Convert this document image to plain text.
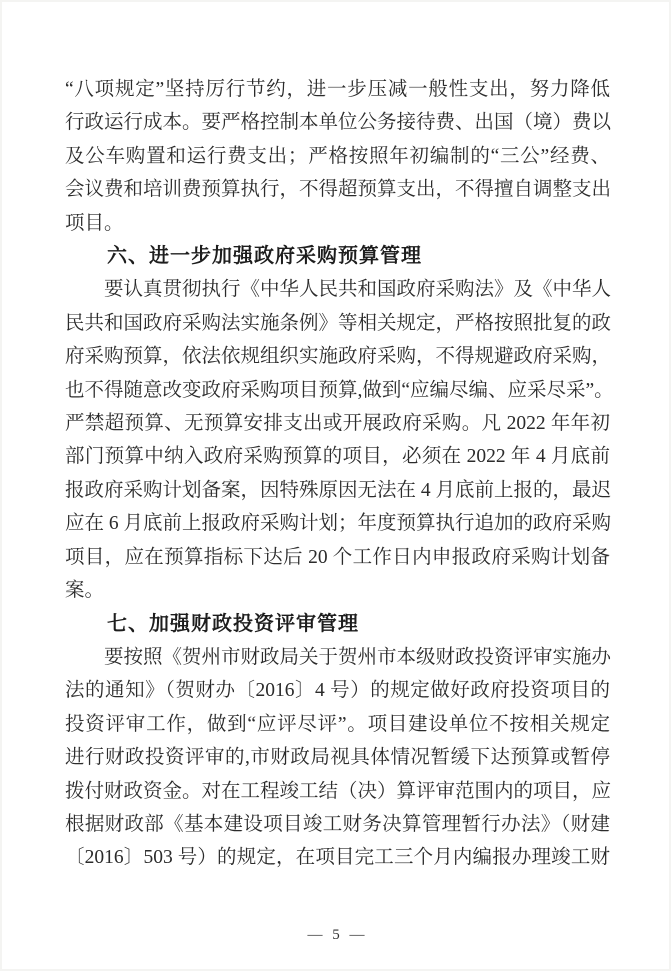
“八项规定”坚持厉行节约，进一步压减一般性支出，努力降低
行政运行成本。要严格控制本单位公务接待费、出国（境）费以
及公车购置和运行费支出；严格按照年初编制的“三公”经费、
会议费和培训费预算执行，不得超预算支出，不得擅自调整支出
项目。
六、进一步加强政府采购预算管理
要认真贯彻执行《中华人民共和国政府采购法》及《中华人
民共和国政府采购法实施条例》等相关规定，严格按照批复的政
府采购预算，依法依规组织实施政府采购，不得规避政府采购，
也不得随意改变政府采购项目预算,做到“应编尽编、应采尽采”。
严禁超预算、无预算安排支出或开展政府采购。凡 2022 年年初
部门预算中纳入政府采购预算的项目，必须在 2022 年 4 月底前
报政府采购计划备案，因特殊原因无法在 4 月底前上报的，最迟
应在 6 月底前上报政府采购计划；年度预算执行追加的政府采购
项目，应在预算指标下达后 20 个工作日内申报政府采购计划备
案。
七、加强财政投资评审管理
要按照《贺州市财政局关于贺州市本级财政投资评审实施办
法的通知》（贺财办〔2016〕4 号）的规定做好政府投资项目的
投资评审工作，做到“应评尽评”。项目建设单位不按相关规定
进行财政投资评审的,市财政局视具体情况暂缓下达预算或暂停
拨付财政资金。对在工程竣工结（决）算评审范围内的项目，应
根据财政部《基本建设项目竣工财务决算管理暂行办法》（财建
〔2016〕503 号）的规定，在项目完工三个月内编报办理竣工财
— 5 —
